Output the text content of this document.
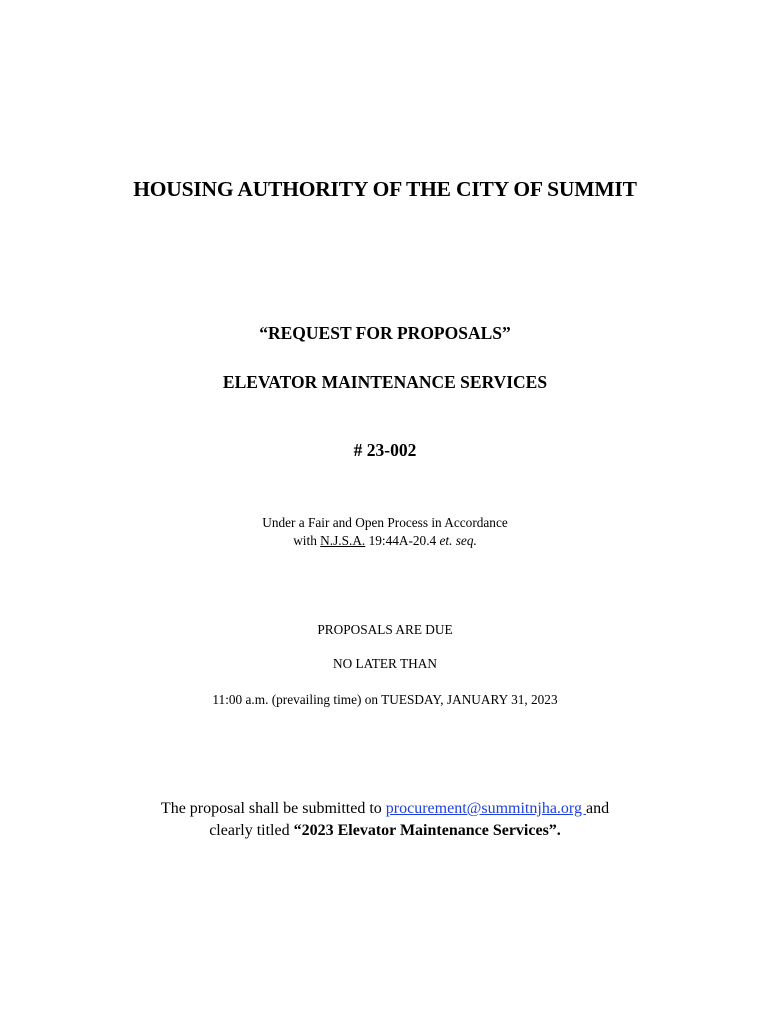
HOUSING AUTHORITY OF THE CITY OF SUMMIT
“REQUEST FOR PROPOSALS”
ELEVATOR MAINTENANCE SERVICES
# 23-002
Under a Fair and Open Process in Accordance
with N.J.S.A. 19:44A-20.4 et. seq.
PROPOSALS ARE DUE
NO LATER THAN
11:00 a.m. (prevailing time) on TUESDAY, JANUARY 31, 2023
The proposal shall be submitted to procurement@summitnjha.org and
clearly titled “2023 Elevator Maintenance Services”.
